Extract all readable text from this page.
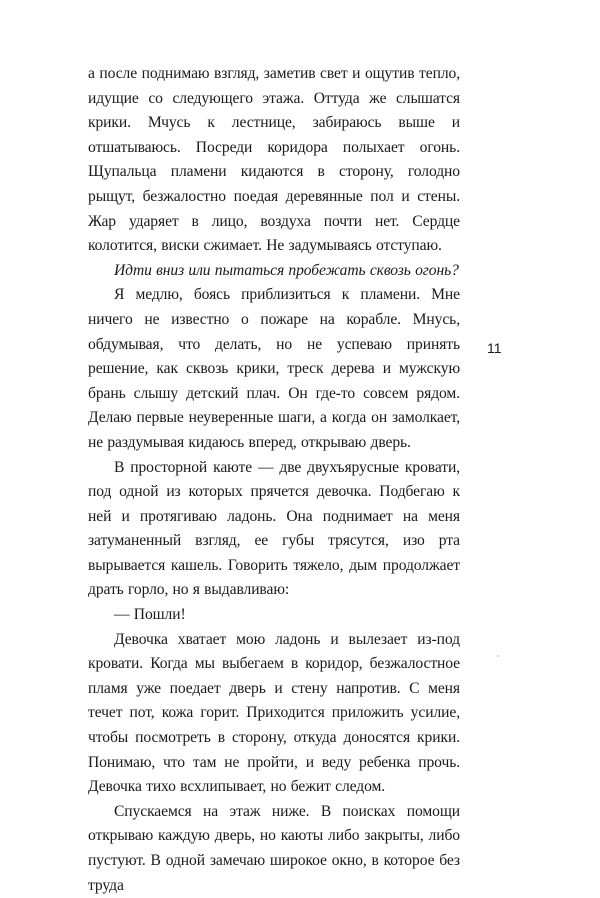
а после поднимаю взгляд, заметив свет и ощутив тепло, идущие со следующего этажа. Оттуда же слышатся крики. Мчусь к лестнице, забираюсь выше и отшатываюсь. Посреди коридора полыхает огонь. Щупальца пламени кидаются в сторону, голодно рыщут, безжалостно поедая деревянные пол и стены. Жар ударяет в лицо, воздуха почти нет. Сердце колотится, виски сжимает. Не задумываясь отступаю.

Идти вниз или пытаться пробежать сквозь огонь?

Я медлю, боясь приблизиться к пламени. Мне ничего не известно о пожаре на корабле. Мнусь, обдумывая, что делать, но не успеваю принять решение, как сквозь крики, треск дерева и мужскую брань слышу детский плач. Он где-то совсем рядом. Делаю первые неуверенные шаги, а когда он замолкает, не раздумывая кидаюсь вперед, открываю дверь.

В просторной каюте — две двухъярусные кровати, под одной из которых прячется девочка. Подбегаю к ней и протягиваю ладонь. Она поднимает на меня затуманенный взгляд, ее губы трясутся, изо рта вырывается кашель. Говорить тяжело, дым продолжает драть горло, но я выдавливаю:

— Пошли!

Девочка хватает мою ладонь и вылезает из-под кровати. Когда мы выбегаем в коридор, безжалостное пламя уже поедает дверь и стену напротив. С меня течет пот, кожа горит. Приходится приложить усилие, чтобы посмотреть в сторону, откуда доносятся крики. Понимаю, что там не пройти, и веду ребенка прочь. Девочка тихо всхлипывает, но бежит следом.

Спускаемся на этаж ниже. В поисках помощи открываю каждую дверь, но каюты либо закрыты, либо пустуют. В одной замечаю широкое окно, в которое без труда

11
